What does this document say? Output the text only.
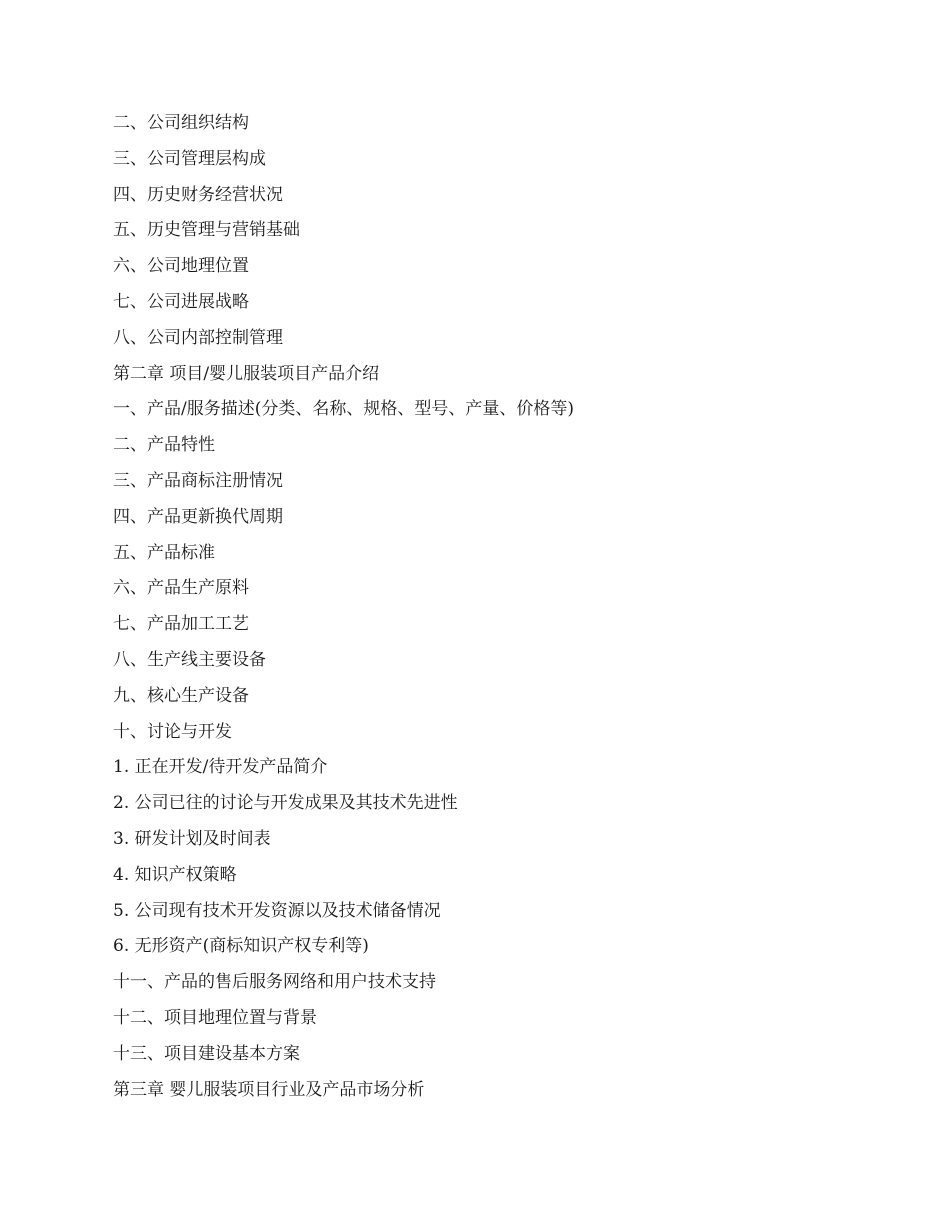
二、公司组织结构
三、公司管理层构成
四、历史财务经营状况
五、历史管理与营销基础
六、公司地理位置
七、公司进展战略
八、公司内部控制管理
第二章 项目/婴儿服装项目产品介绍
一、产品/服务描述(分类、名称、规格、型号、产量、价格等)
二、产品特性
三、产品商标注册情况
四、产品更新换代周期
五、产品标准
六、产品生产原料
七、产品加工工艺
八、生产线主要设备
九、核心生产设备
十、讨论与开发
1. 正在开发/待开发产品简介
2. 公司已往的讨论与开发成果及其技术先进性
3. 研发计划及时间表
4. 知识产权策略
5. 公司现有技术开发资源以及技术储备情况
6. 无形资产(商标知识产权专利等)
十一、产品的售后服务网络和用户技术支持
十二、项目地理位置与背景
十三、项目建设基本方案
第三章 婴儿服装项目行业及产品市场分析
